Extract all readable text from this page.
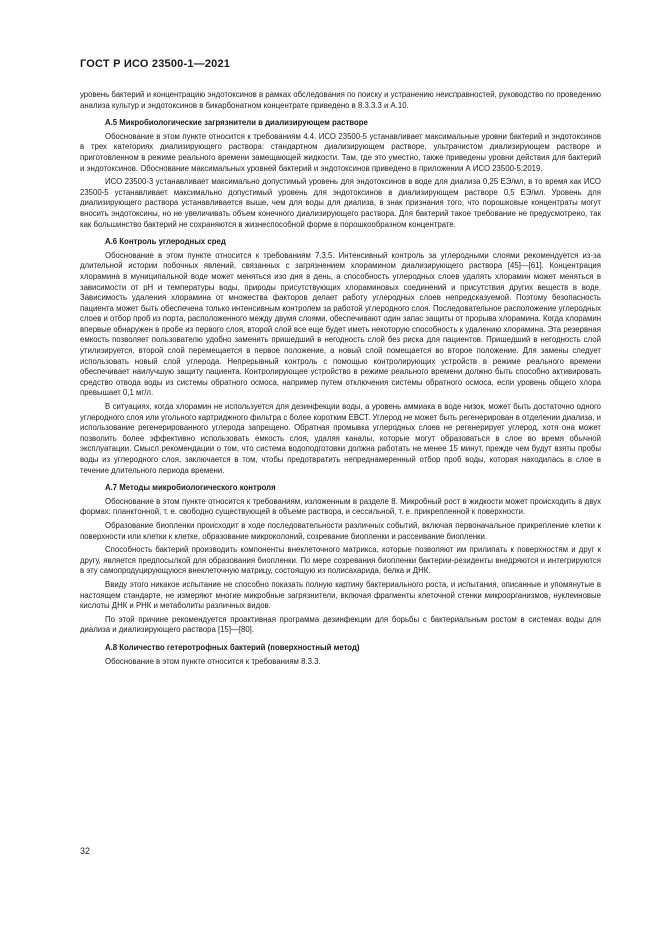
ГОСТ Р ИСО 23500-1—2021

уровень бактерий и концентрацию эндотоксинов в рамках обследования по поиску и устранению неисправностей, руководство по проведению анализа культур и эндотоксинов в бикарбонатном концентрате приведено в 8.3.3.3 и А.10.

А.5 Микробиологические загрязнители в диализирующем растворе

Обоснование в этом пункте относится к требованиям 4.4. ИСО 23500-5 устанавливает максимальные уровни бактерий и эндотоксинов в трех категориях диализирующего раствора: стандартном диализирующем растворе, ультрачистом диализирующем растворе и приготовленном в режиме реального времени замещающей жидкости. Там, где это уместно, также приведены уровни действия для бактерий и эндотоксинов. Обоснование максимальных уровней бактерий и эндотоксинов приведено в приложении А ИСО 23500-5:2019.

ИСО 23500-3 устанавливает максимально допустимый уровень для эндотоксинов в воде для диализа 0,25 ЕЭ/мл, в то время как ИСО 23500-5 устанавливает максимально допустимый уровень для эндотоксинов в диализирующем растворе 0,5 ЕЭ/мл. Уровень для диализирующего раствора устанавливается выше, чем для воды для диализа, в знак признания того, что порошковые концентраты могут вносить эндотоксины, но не увеличивать объем конечного диализирующего раствора. Для бактерий такое требование не предусмотрено, так как большинство бактерий не сохраняются в жизнеспособной форме в порошкообразном концентрате.

А.6 Контроль углеродных сред

Обоснование в этом пункте относится к требованиям 7.3.5. Интенсивный контроль за углеродными слоями рекомендуется из-за длительной истории побочных явлений, связанных с загрязнением хлорамином диализирующего раствора [45]—[61]. Концентрация хлорамина в муниципальной воде может меняться изо дня в день, а способность углеродных слоев удалять хлорамин может меняться в зависимости от pH и температуры воды, природы присутствующих хлораминовых соединений и присутствия других веществ в воде. Зависимость удаления хлорамина от множества факторов делает работу углеродных слоев непредсказуемой. Поэтому безопасность пациента может быть обеспечена только интенсивным контролем за работой углеродного слоя. Последовательное расположение углеродных слоев и отбор проб из порта, расположенного между двумя слоями, обеспечивают один запас защиты от прорыва хлорамина. Когда хлорамин впервые обнаружен в пробе из первого слоя, второй слой все еще будет иметь некоторую способность к удалению хлорамина. Эта резервная емкость позволяет пользователю удобно заменить пришедший в негодность слой без риска для пациентов. Пришедший в негодность слой утилизируется, второй слой перемещается в первое положение, а новый слой помещается во второе положение. Для замены следует использовать новый слой углерода. Непрерывный контроль с помощью контролирующих устройств в режиме реального времени обеспечивает наилучшую защиту пациента. Контролирующее устройство в режиме реального времени должно быть способно активировать средство отвода воды из системы обратного осмоса, например путем отключения системы обратного осмоса, если уровень общего хлора превышает 0,1 мг/л.

В ситуациях, когда хлорамин не используется для дезинфекции воды, а уровень аммиака в воде низок, может быть достаточно одного углеродного слоя или угольного картриджного фильтра с более коротким ЕВСТ. Углерод не может быть регенерирован в отделении диализа, и использование регенерированного углерода запрещено. Обратная промывка углеродных слоев не регенерирует углерод, хотя она может позволить более эффективно использовать емкость слоя, удаляя каналы, которые могут образоваться в слое во время обычной эксплуатации. Смысл рекомендации о том, что система водоподготовки должна работать не менее 15 минут, прежде чем будут взяты пробы воды из углеродного слоя, заключается в том, чтобы предотвратить непреднамеренный отбор проб воды, которая находилась в слое в течение длительного периода времени.

А.7 Методы микробиологического контроля

Обоснование в этом пункте относится к требованиям, изложенным в разделе 8. Микробный рост в жидкости может происходить в двух формах: планктонной, т. е. свободно существующей в объеме раствора, и сессильной, т. е. прикрепленной к поверхности.

Образование биопленки происходит в ходе последовательности различных событий, включая первоначальное прикрепление клетки к поверхности или клетки к клетке, образование микроколоний, созревание биопленки и рассеивание биопленки.

Способность бактерий производить компоненты внеклеточного матрикса, которые позволяют им прилипать к поверхностям и друг к другу, является предпосылкой для образования биопленки. По мере созревания биопленки бактерии-резиденты внедряются и интегрируются в эту самопродуцирующуюся внеклеточную матрицу, состоящую из полисахарида, белка и ДНК.

Ввиду этого никакое испытание не способно показать полную картину бактериального роста, и испытания, описанные и упомянутые в настоящем стандарте, не измеряют многие микробные загрязнители, включая фрагменты клеточной стенки микроорганизмов, нуклеиновые кислоты ДНК и РНК и метаболиты различных видов.

По этой причине рекомендуется проактивная программа дезинфекции для борьбы с бактериальным ростом в системах воды для диализа и диализирующего раствора [15]—[80].

А.8 Количество гетеротрофных бактерий (поверхностный метод)

Обоснование в этом пункте относится к требованиям 8.3.3.

32
